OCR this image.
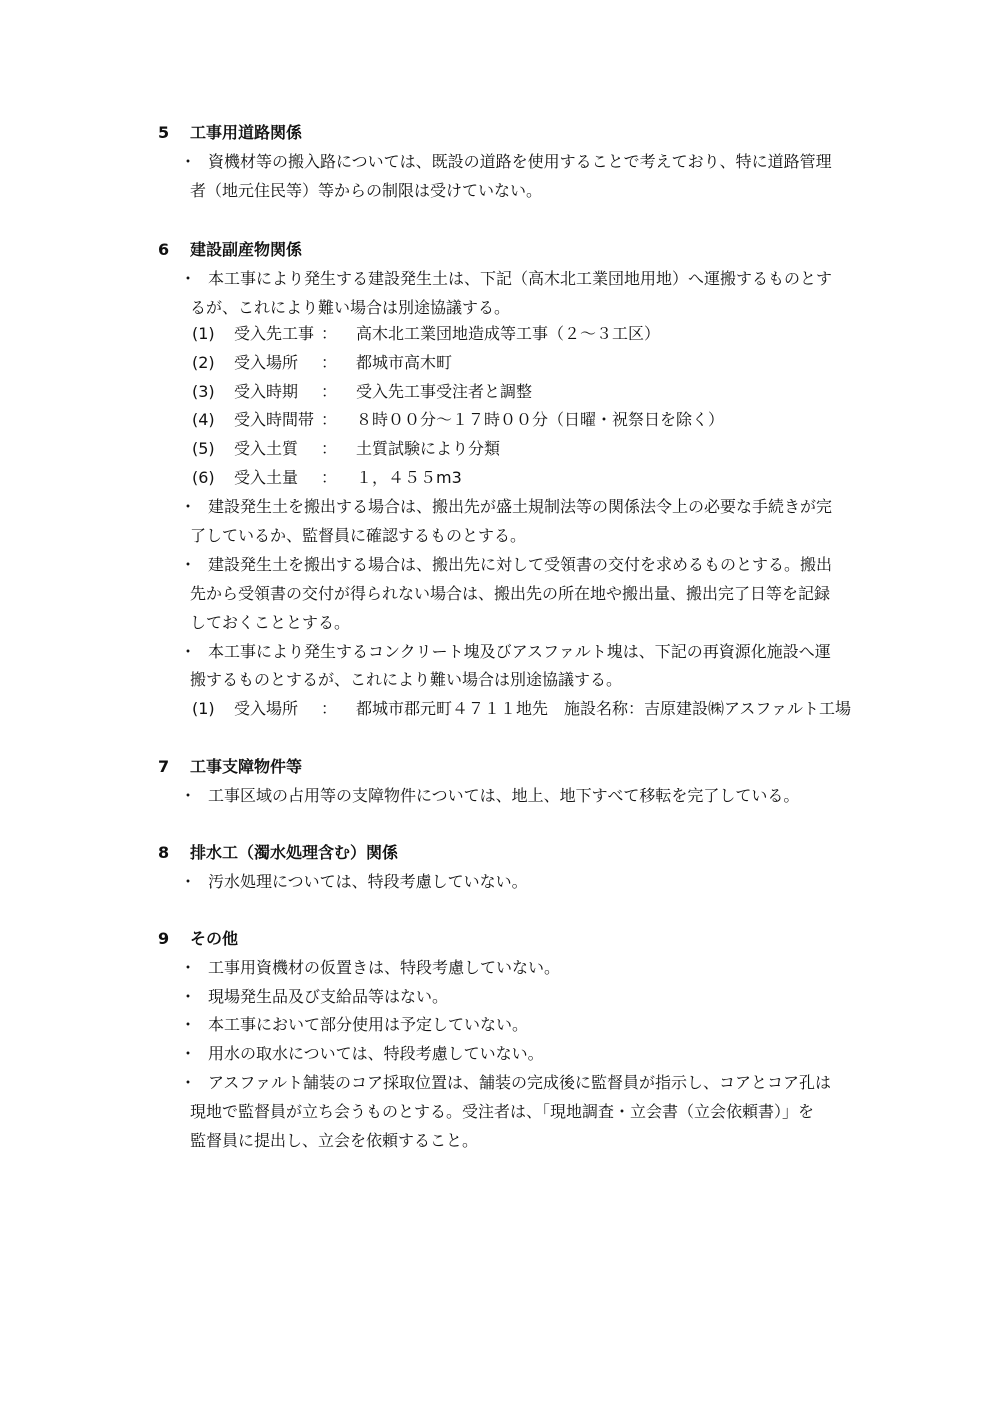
5 工事用道路関係
・ 資機材等の搬入路については、既設の道路を使用することで考えており、特に道路管理
者（地元住民等）等からの制限は受けていない。
6 建設副産物関係
・ 本工事により発生する建設発生土は、下記（高木北工業団地用地）へ運搬するものとす
るが、これにより難い場合は別途協議する。
(1) 受入先工事 ： 高木北工業団地造成等工事（２～３工区）
(2) 受入場所 ： 都城市高木町
(3) 受入時期 ： 受入先工事受注者と調整
(4) 受入時間帯 ： ８時００分～１７時００分（日曜・祝祭日を除く）
(5) 受入土質 ： 土質試験により分類
(6) 受入土量 ： １，４５５m3
・ 建設発生土を搬出する場合は、搬出先が盛土規制法等の関係法令上の必要な手続きが完
了しているか、監督員に確認するものとする。
・ 建設発生土を搬出する場合は、搬出先に対して受領書の交付を求めるものとする。搬出
先から受領書の交付が得られない場合は、搬出先の所在地や搬出量、搬出完了日等を記録
しておくこととする。
・ 本工事により発生するコンクリート塊及びアスファルト塊は、下記の再資源化施設へ運
搬するものとするが、これにより難い場合は別途協議する。
(1) 受入場所 ： 都城市郡元町４７１１地先　施設名称：吉原建設㈱アスファルト工場
7 工事支障物件等
・ 工事区域の占用等の支障物件については、地上、地下すべて移転を完了している。
8 排水工（濁水処理含む）関係
・ 汚水処理については、特段考慮していない。
9 その他
・ 工事用資機材の仮置きは、特段考慮していない。
・ 現場発生品及び支給品等はない。
・ 本工事において部分使用は予定していない。
・ 用水の取水については、特段考慮していない。
・ アスファルト舗装のコア採取位置は、舗装の完成後に監督員が指示し、コアとコア孔は
現地で監督員が立ち会うものとする。受注者は、「現地調査・立会書（立会依頼書）」を
監督員に提出し、立会を依頼すること。
